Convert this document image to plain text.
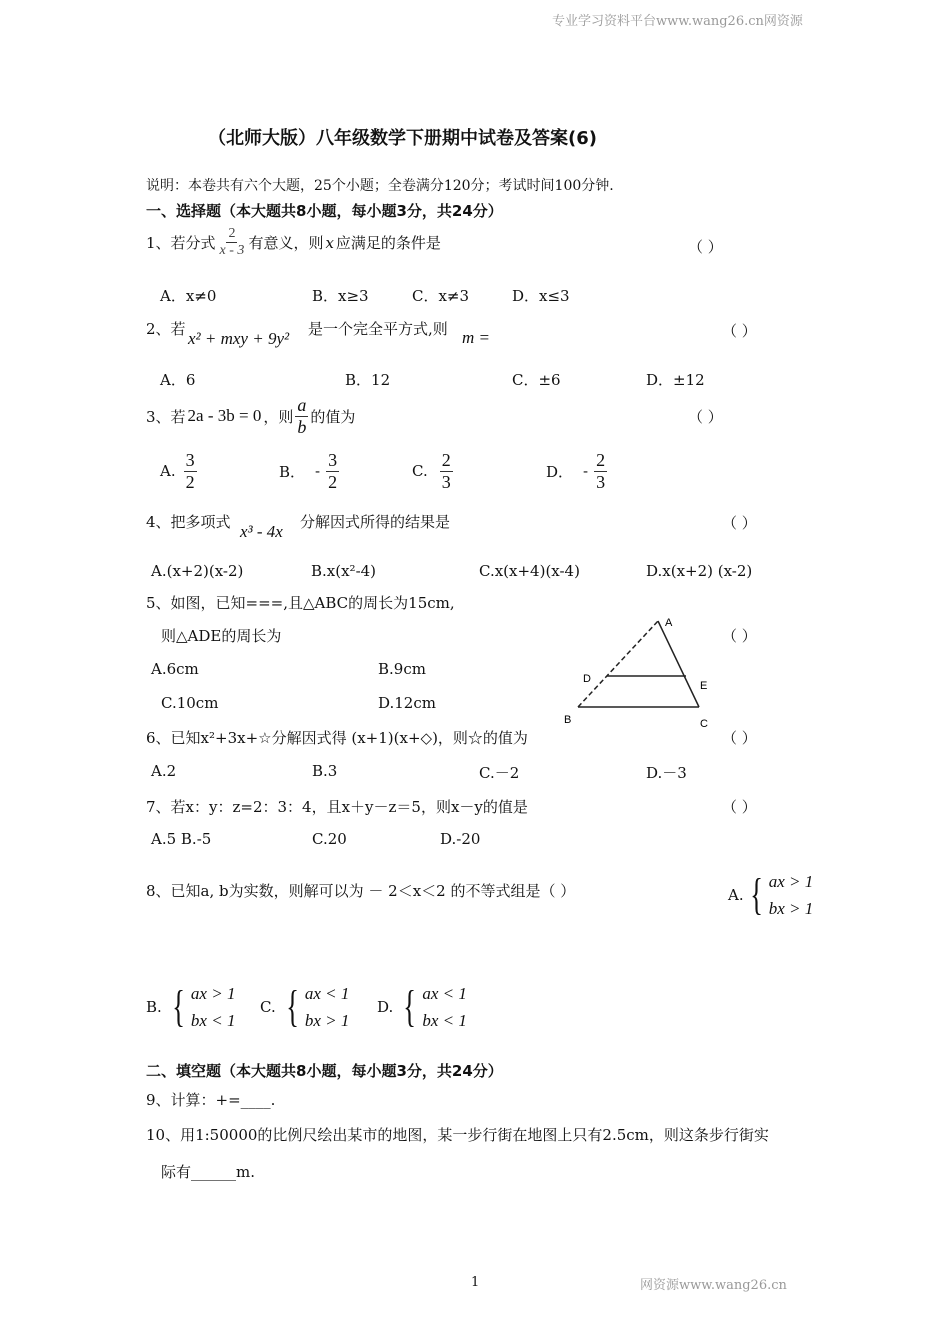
专业学习资料平台www.wang26.cn网资源
（北师大版）八年级数学下册期中试卷及答案(6)
说明：本卷共有六个大题，25个小题；全卷满分120分；考试时间100分钟.
一、选择题（本大题共8小题，每小题3分，共24分）
1、若分式 $\frac{2}{x - 3}$ 有意义，则 x 应满足的条件是	（ ）
A．x≠0	B．x≥3	C．x≠3	D．x≤3
2、若 x² + mxy + 9y² 是一个完全平方式,则 m =	（ ）
A．6	B．12	C．±6	D．±12
3、若 2a - 3b = 0 ，则 $\frac{a}{b}$ 的值为	（ ）
A. $\frac{3}{2}$	B． - $\frac{3}{2}$	C. $\frac{2}{3}$	D． - $\frac{2}{3}$
4、把多项式 x³ - 4x 分解因式所得的结果是	（ ）
A.(x+2)(x-2)	B.x(x²-4)	C.x(x+4)(x-4)	D.x(x+2) (x-2)
5、如图，已知===,且△ABC的周长为15cm,
则△ADE的周长为	（ ）
A.6cm	B.9cm
C.10cm	D.12cm
A
B	C
D
E
6、已知x²+3x+☆分解因式得 (x+1)(x+◇)，则☆的值为	（ ）
A.2	B.3	C.－2	D.－3
7、若x：y：z=2：3：4，且x＋y－z＝5，则x－y的值是	（ ）
A.5 B.-5	C.20	D.-20
8、已知a, b为实数，则解可以为 － 2＜x＜2 的不等式组是（ ）	A. { ax > 1
bx > 1
B. { ax > 1
bx < 1
C. { ax < 1
bx > 1
D. { ax < 1
bx < 1
二、填空题（本大题共8小题，每小题3分，共24分）
9、计算：+=____.
10、用1:50000的比例尺绘出某市的地图，某一步行街在地图上只有2.5cm，则这条步行街实
际有______m.
1	网资源www.wang26.cn
